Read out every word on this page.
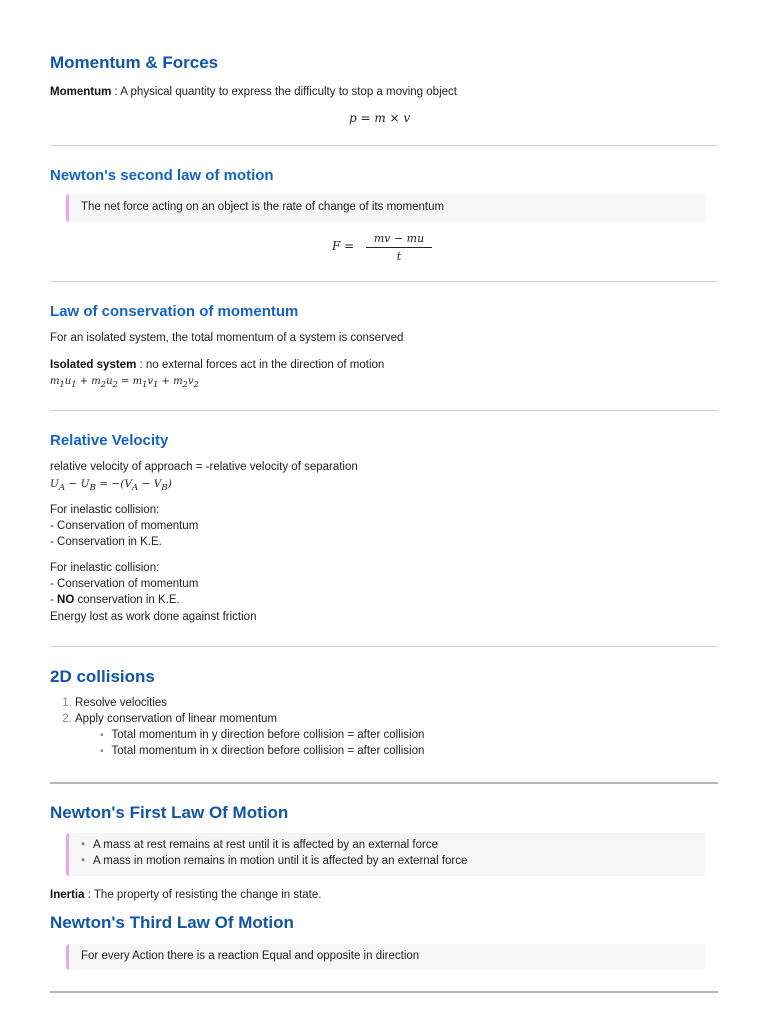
Momentum & Forces
Momentum : A physical quantity to express the difficulty to stop a moving object
p = m × v
Newton's second law of motion
The net force acting on an object is the rate of change of its momentum
F =
mv − mu
t
Law of conservation of momentum
For an isolated system, the total momentum of a system is conserved
Isolated system : no external forces act in the direction of motion
$m_1u_1 + m_2u_2 = m_1v_1 + m_2v_2$
Relative Velocity
relative velocity of approach = -relative velocity of separation
$U_A - U_B = -(V_A - V_B)$
For inelastic collision:
- Conservation of momentum
- Conservation in K.E.
For inelastic collision:
- Conservation of momentum
- NO conservation in K.E.
Energy lost as work done against friction
2D collisions
1. Resolve velocities
2. Apply conservation of linear momentum
• Total momentum in y direction before collision = after collision
• Total momentum in x direction before collision = after collision
Newton's First Law Of Motion
• A mass at rest remains at rest until it is affected by an external force
• A mass in motion remains in motion until it is affected by an external force
Inertia : The property of resisting the change in state.
Newton's Third Law Of Motion
For every Action there is a reaction Equal and opposite in direction
